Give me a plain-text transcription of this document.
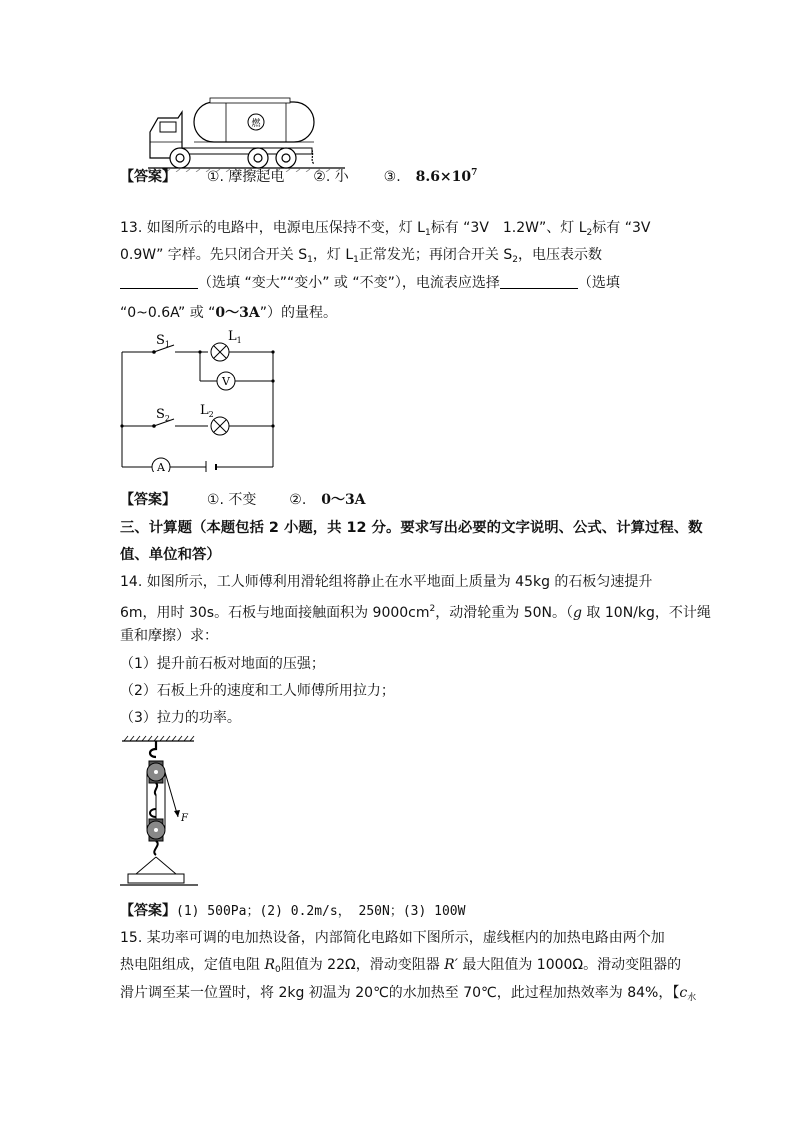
燃
【答案】 ①. 摩擦起电 ②. 小 ③. $8.6\times 10^7$
13. 如图所示的电路中，电源电压保持不变，灯 $L_1$标有 “3V　1.2W”、灯 $L_2$标有 “3V
0.9W” 字样。先只闭合开关 $S_1$，灯 $L_1$正常发光；再闭合开关 $S_2$，电压表示数
（选填 “变大”“变小” 或 “不变”），电流表应选择	（选填
“0~0.6A” 或 “0～3A”）的量程。
$S_1$
$L_1$
V
$S_2$
$L_2$
A
【答案】 ①. 不变 ②. 0～3A
三、计算题（本题包括 2 小题，共 12 分。要求写出必要的文字说明、公式、计算过程、数
值、单位和答）
14. 如图所示，工人师傅利用滑轮组将静止在水平地面上质量为 45kg 的石板匀速提升
6m，用时 30s。石板与地面接触面积为 $9000cm^2$，动滑轮重为 50N。（g 取 10N/kg，不计绳
重和摩擦）求：
（1）提升前石板对地面的压强；
（2）石板上升的速度和工人师傅所用拉力；
（3）拉力的功率。
F
【答案】(1) 500Pa；(2) 0.2m/s， 250N；(3) 100W
15. 某功率可调的电加热设备，内部简化电路如下图所示，虚线框内的加热电路由两个加
热电阻组成，定值电阻 $R_0$阻值为 22Ω，滑动变阻器 R′ 最大阻值为 1000Ω。滑动变阻器的
滑片调至某一位置时，将 2kg 初温为 20℃的水加热至 70℃，此过程加热效率为 84%，【$c_水$
